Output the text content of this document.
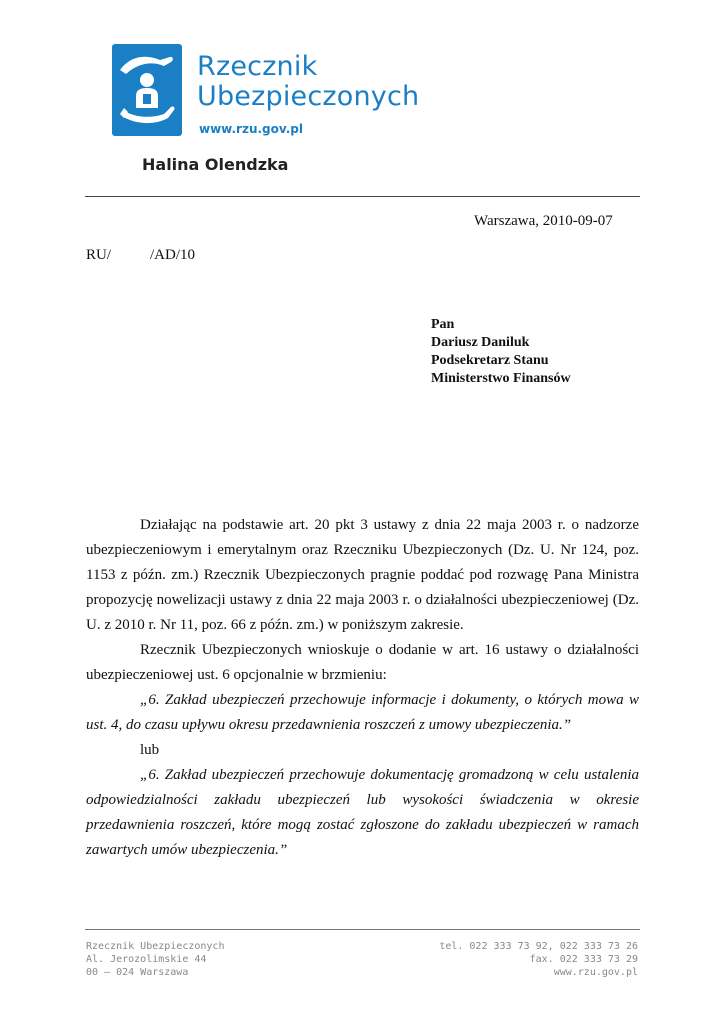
Rzecznik
Ubezpieczonych
www.rzu.gov.pl
Halina Olendzka
Warszawa, 2010-09-07
RU/	/AD/10
Pan
Dariusz Daniluk
Podsekretarz Stanu
Ministerstwo Finansów

Działając na podstawie art. 20 pkt 3 ustawy z dnia 22 maja 2003 r. o nadzorze ubezpieczeniowym i emerytalnym oraz Rzeczniku Ubezpieczonych (Dz. U. Nr 124, poz. 1153 z późn. zm.) Rzecznik Ubezpieczonych pragnie poddać pod rozwagę Pana Ministra propozycję nowelizacji ustawy z dnia 22 maja 2003 r. o działalności ubezpieczeniowej (Dz. U. z 2010 r. Nr 11, poz. 66 z późn. zm.) w poniższym zakresie.

Rzecznik Ubezpieczonych wnioskuje o dodanie w art. 16 ustawy o działalności ubezpieczeniowej ust. 6 opcjonalnie w brzmieniu:

„6. Zakład ubezpieczeń przechowuje informacje i dokumenty, o których mowa w ust. 4, do czasu upływu okresu przedawnienia roszczeń z umowy ubezpieczenia.”

lub

„6. Zakład ubezpieczeń przechowuje dokumentację gromadzoną w celu ustalenia odpowiedzialności zakładu ubezpieczeń lub wysokości świadczenia w okresie przedawnienia roszczeń, które mogą zostać zgłoszone do zakładu ubezpieczeń w ramach zawartych umów ubezpieczenia.”

Rzecznik Ubezpieczonych
Al. Jerozolimskie 44
00 – 024 Warszawa
tel. 022 333 73 92, 022 333 73 26
fax. 022 333 73 29
www.rzu.gov.pl
